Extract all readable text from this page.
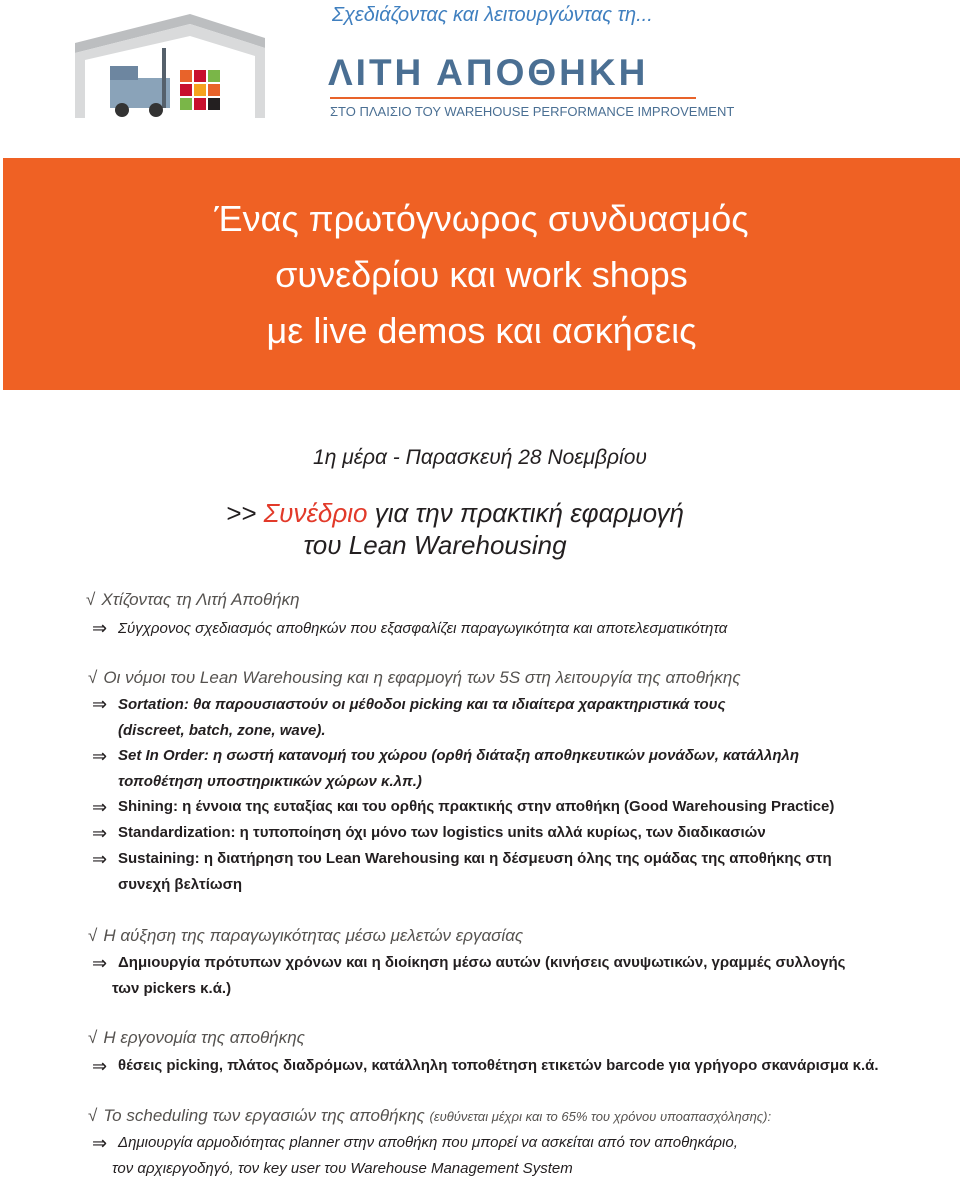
Σχεδιάζοντας και λειτουργώντας τη...
ΛΙΤΗ ΑΠΟΘΗΚΗ
ΣΤΟ ΠΛΑΙΣΙΟ ΤΟΥ WAREHOUSE PERFORMANCE IMPROVEMENT
Ένας πρωτόγνωρος συνδυασμός
συνεδρίου και work shops
με live demos και ασκήσεις
1η μέρα - Παρασκευή 28 Νοεμβρίου
>> Συνέδριο για την πρακτική εφαρμογή
του Lean Warehousing
√ Χτίζοντας τη Λιτή Αποθήκη
⇒ Σύγχρονος σχεδιασμός αποθηκών που εξασφαλίζει παραγωγικότητα και αποτελεσματικότητα
√ Οι νόμοι του Lean Warehousing και η εφαρμογή των 5S στη λειτουργία της αποθήκης
⇒ Sortation: θα παρουσιαστούν οι μέθοδοι picking και τα ιδιαίτερα χαρακτηριστικά τους
(discreet, batch, zone, wave).
⇒ Set In Order: η σωστή κατανομή του χώρου (ορθή διάταξη αποθηκευτικών μονάδων, κατάλληλη
τοποθέτηση υποστηρικτικών χώρων κ.λπ.)
⇒ Shining: η έννοια της ευταξίας και του ορθής πρακτικής στην αποθήκη (Good Warehousing Practice)
⇒ Standardization: η τυποποίηση όχι μόνο των logistics units αλλά κυρίως, των διαδικασιών
⇒ Sustaining: η διατήρηση του Lean Warehousing και η δέσμευση όλης της ομάδας της αποθήκης στη
συνεχή βελτίωση
√ Η αύξηση της παραγωγικότητας μέσω μελετών εργασίας
⇒ Δημιουργία πρότυπων χρόνων και η διοίκηση μέσω αυτών (κινήσεις ανυψωτικών, γραμμές συλλογής
των pickers κ.ά.)
√ Η εργονομία της αποθήκης
⇒ θέσεις picking, πλάτος διαδρόμων, κατάλληλη τοποθέτηση ετικετών barcode για γρήγορο σκανάρισμα κ.ά.
√ Το scheduling των εργασιών της αποθήκης (ευθύνεται μέχρι και το 65% του χρόνου υποαπασχόλησης):
⇒ Δημιουργία αρμοδιότητας planner στην αποθήκη που μπορεί να ασκείται από τον αποθηκάριο,
τον αρχιεργοδηγό, τον key user του Warehouse Management System
